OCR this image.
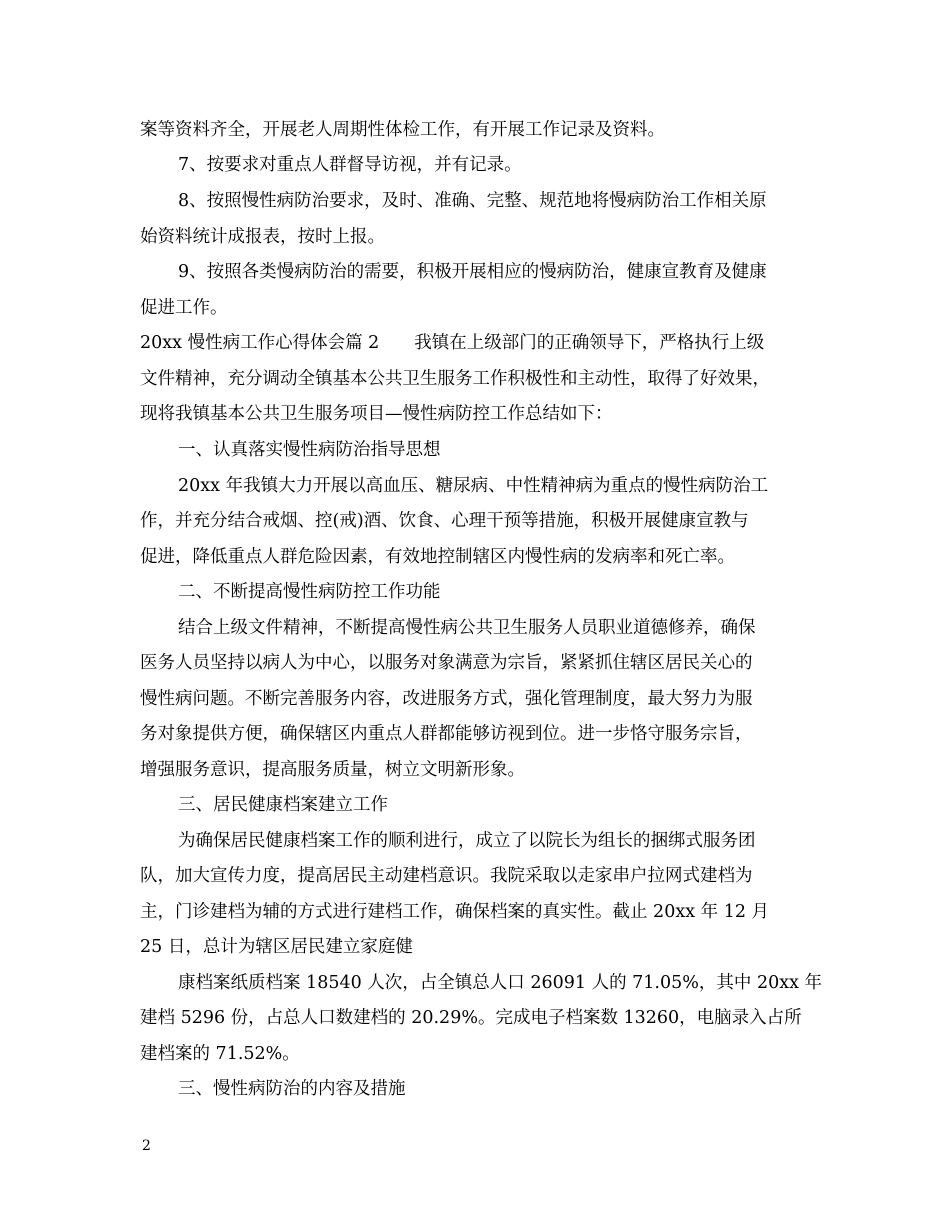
案等资料齐全，开展老人周期性体检工作，有开展工作记录及资料。
7、按要求对重点人群督导访视，并有记录。
8、按照慢性病防治要求，及时、准确、完整、规范地将慢病防治工作相关原
始资料统计成报表，按时上报。
9、按照各类慢病防治的需要，积极开展相应的慢病防治，健康宣教育及健康
促进工作。
20xx 慢性病工作心得体会篇 2　　我镇在上级部门的正确领导下，严格执行上级
文件精神，充分调动全镇基本公共卫生服务工作积极性和主动性，取得了好效果，
现将我镇基本公共卫生服务项目—慢性病防控工作总结如下：
一、认真落实慢性病防治指导思想
20xx 年我镇大力开展以高血压、糖尿病、中性精神病为重点的慢性病防治工
作，并充分结合戒烟、控(戒)酒、饮食、心理干预等措施，积极开展健康宣教与
促进，降低重点人群危险因素，有效地控制辖区内慢性病的发病率和死亡率。
二、不断提高慢性病防控工作功能
结合上级文件精神，不断提高慢性病公共卫生服务人员职业道德修养，确保
医务人员坚持以病人为中心，以服务对象满意为宗旨，紧紧抓住辖区居民关心的
慢性病问题。不断完善服务内容，改进服务方式，强化管理制度，最大努力为服
务对象提供方便，确保辖区内重点人群都能够访视到位。进一步恪守服务宗旨，
增强服务意识，提高服务质量，树立文明新形象。
三、居民健康档案建立工作
为确保居民健康档案工作的顺利进行，成立了以院长为组长的捆绑式服务团
队，加大宣传力度，提高居民主动建档意识。我院采取以走家串户拉网式建档为
主，门诊建档为辅的方式进行建档工作，确保档案的真实性。截止 20xx 年 12 月
25 日，总计为辖区居民建立家庭健
康档案纸质档案 18540 人次，占全镇总人口 26091 人的 71.05%，其中 20xx 年
建档 5296 份，占总人口数建档的 20.29%。完成电子档案数 13260，电脑录入占所
建档案的 71.52%。
三、慢性病防治的内容及措施
2
